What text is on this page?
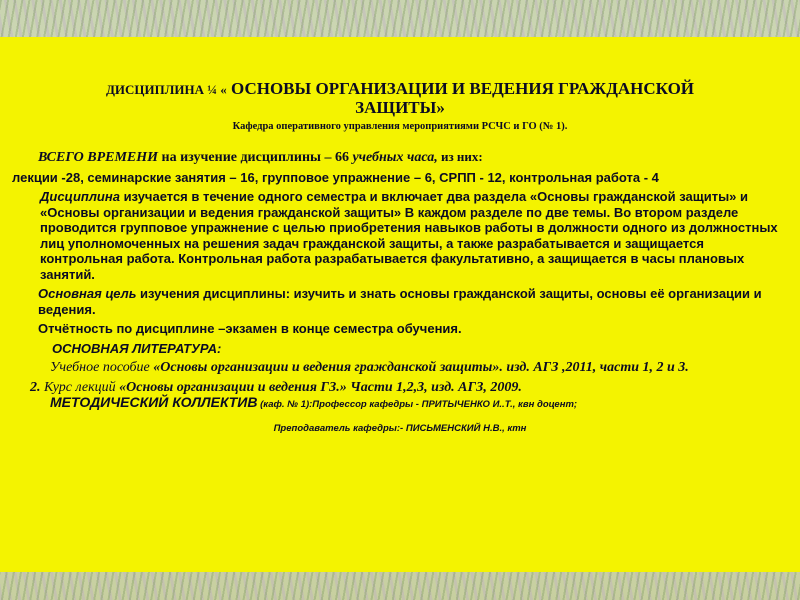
ДИСЦИПЛИНА ¼ « ОСНОВЫ ОРГАНИЗАЦИИ И ВЕДЕНИЯ ГРАЖДАНСКОЙ
ЗАЩИТЫ»
Кафедра оперативного управления мероприятиями РСЧС и ГО (№ 1).

ВСЕГО ВРЕМЕНИ на изучение дисциплины – 66 учебных часа, из них:

лекции -28, семинарские занятия – 16, групповое упражнение – 6, СРПП - 12, контрольная работа - 4

Дисциплина изучается в течение одного семестра и включает два раздела «Основы гражданской защиты» и «Основы организации и ведения гражданской защиты» В каждом разделе по две темы. Во втором разделе проводится групповое упражнение с целью приобретения навыков работы в должности одного из должностных лиц уполномоченных на решения задач гражданской защиты, а также разрабатывается и защищается контрольная работа. Контрольная работа разрабатывается факультативно, а защищается в часы плановых занятий.

Основная цель изучения дисциплины: изучить и знать основы гражданской защиты, основы её организации и ведения.

Отчётность по дисциплине –экзамен в конце семестра обучения.

ОСНОВНАЯ ЛИТЕРАТУРА:

Учебное пособие «Основы организации и ведения гражданской защиты». изд. АГЗ ,2011, части 1, 2 и 3.

2. Курс лекций «Основы организации и ведения ГЗ.» Части 1,2,3, изд. АГЗ, 2009.

МЕТОДИЧЕСКИЙ КОЛЛЕКТИВ (каф. № 1):Профессор кафедры - ПРИТЫЧЕНКО И..Т., квн доцент;

Преподаватель кафедры:- ПИСЬМЕНСКИЙ Н.В., ктн
